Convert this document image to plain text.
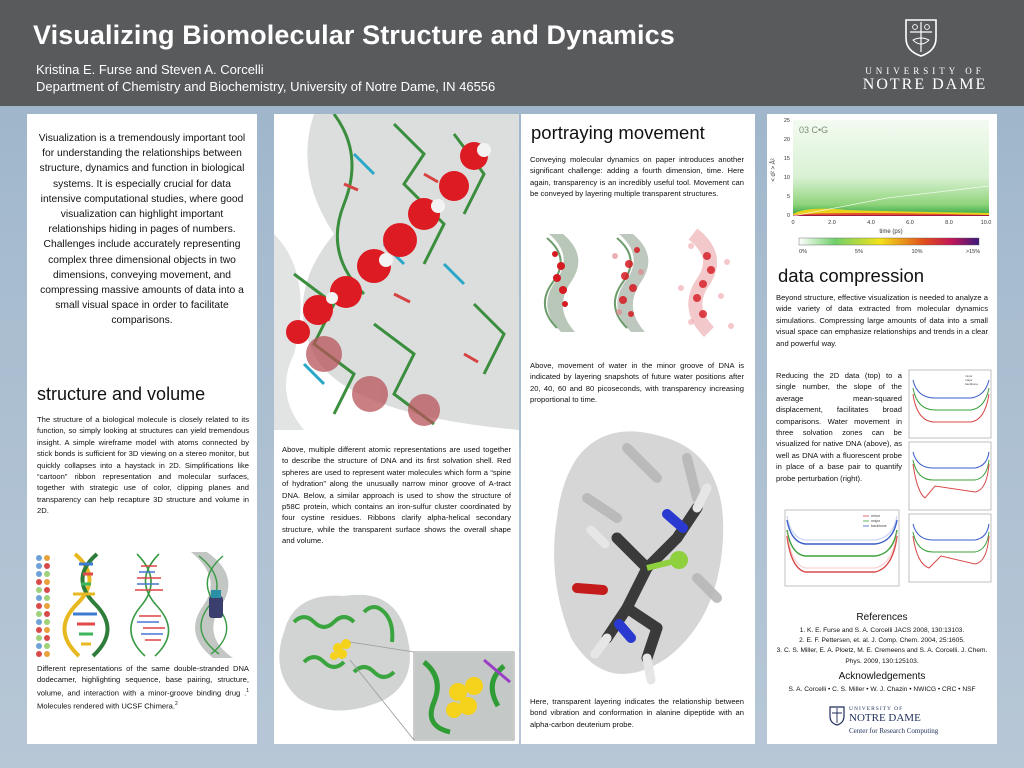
Visualizing Biomolecular Structure and Dynamics
Kristina E. Furse and Steven A. Corcelli
Department of Chemistry and Biochemistry, University of Notre Dame, IN 46556
UNIVERSITY OF
NOTRE DAME
Visualization is a tremendously important tool for understanding the relationships between structure, dynamics and function in biological systems. It is especially crucial for data intensive computational studies, where good visualization can highlight important relationships hiding in pages of numbers. Challenges include accurately representing complex three dimensional objects in two dimensions, conveying movement, and compressing massive amounts of data into a small visual space in order to facilitate comparisons.
structure and volume
The structure of a biological molecule is closely related to its function, so simply looking at structures can yield tremendous insight. A simple wireframe model with atoms connected by stick bonds is sufficient for 3D viewing on a stereo monitor, but quickly collapses into a haystack in 2D. Simplifications like “cartoon” ribbon representation and molecular surfaces, together with strategic use of color, clipping planes and transparency can help recapture 3D structure and volume in 2D.
Different representations of the same double-stranded DNA dodecamer, highlighting sequence, base pairing, structure, volume, and interaction with a minor-groove binding drug .$^1$ Molecules rendered with UCSF Chimera.$^2$
Above, multiple different atomic representations are used together to describe the structure of DNA and its first solvation shell. Red spheres are used to represent water molecules which form a “spine of hydration” along the unusually narrow minor groove of A-tract DNA. Below, a similar approach is used to show the structure of p58C protein, which contains an iron-sulfur cluster coordinated by four cystine residues. Ribbons clarify alpha-helical secondary structure, while the transparent surface shows the overall shape and volume.
portraying movement
Conveying molecular dynamics on paper introduces another significant challenge: adding a fourth dimension, time. Here again, transparency is an incredibly useful tool. Movement can be conveyed by layering multiple transparent structures.
Above, movement of water in the minor groove of DNA is indicated by layering snapshots of future water positions after 20, 40, 60 and 80 picoseconds, with transparency increasing proportional to time.
Here, transparent layering indicates the relationship between bond vibration and conformation in alanine dipeptide with an alpha-carbon deuterium probe.
03 C•G
25
20
15
10
5
0
< d² > Å²
0	2.0	4.0	6.0	8.0	10.0
time (ps)
0%	5%	10%	>15%
data compression
Beyond structure, effective visualization is needed to analyze a wide variety of data extracted from molecular dynamics simulations. Compressing large amounts of data into a small visual space can emphasize relationships and trends in a clear and powerful way.
Reducing the 2D data (top) to a single number, the slope of the average mean-squared displacement, facilitates broad comparisons. Water movement in three solvation zones can be visualized for native DNA (above), as well as DNA with a fluorescent probe in place of a base pair to quantify probe perturbation (right).
minor
major
backbone
minor
major
backbone
References
1. K. E. Furse and S. A. Corcelli JACS 2008, 130:13103.
2. E. F. Pettersen, et. al. J. Comp. Chem. 2004, 25:1605.
3. C. S. Miller, E. A. Ploetz, M. E. Cremeens and S. A. Corcelli. J. Chem. Phys. 2009, 130:125103.
Acknowledgements
S. A. Corcelli • C. S. Miller • W. J. Chazin • NWICG • CRC • NSF
UNIVERSITY OF
NOTRE DAME
Center for Research Computing
